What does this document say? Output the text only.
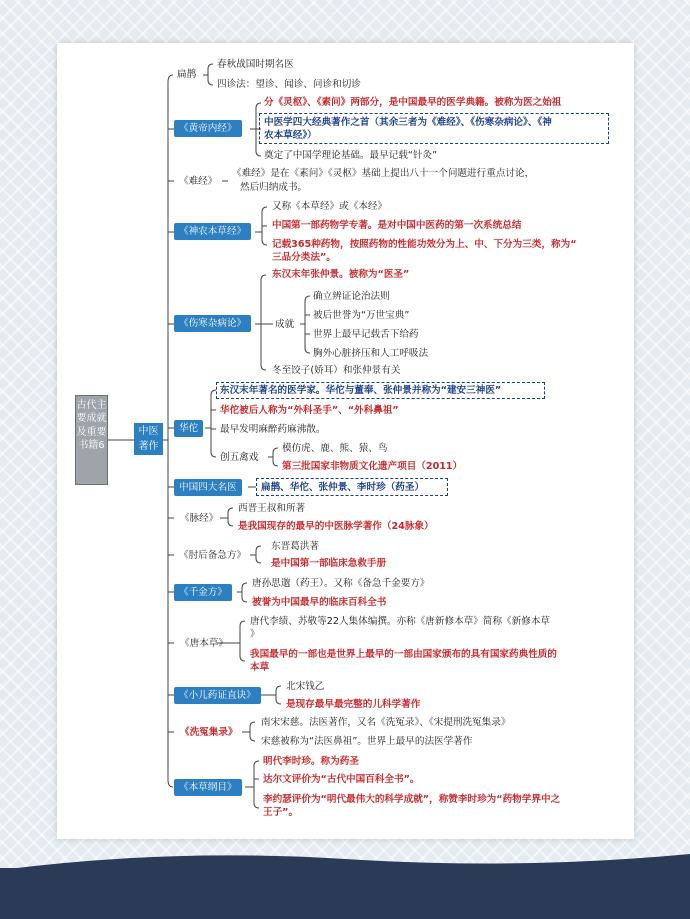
古代主要成就及重要书籍6
中医著作
扁鹊
春秋战国时期名医
四诊法：望诊、闻诊、问诊和切诊
《黄帝内经》
分《灵枢》、《素问》两部分，是中国最早的医学典籍。被称为医之始祖
中医学四大经典著作之首（其余三者为《难经》、《伤寒杂病论》、《神
农本草经》）
奠定了中国学理论基础。最早记载“针灸”
《难经》
《难经》是在《素问》《灵枢》基础上提出八十一个问题进行重点讨论，
然后归纳成书。
《神农本草经》
又称《本草经》或《本经》
中国第一部药物学专著。是对中国中医药的第一次系统总结
记载365种药物，按照药物的性能功效分为上、中、下分为三类，称为“
三品分类法”。
《伤寒杂病论》
东汉末年张仲景。被称为“医圣”
成就
确立辨证论治法则
被后世誉为“万世宝典”
世界上最早记载舌下给药
胸外心脏挤压和人工呼吸法
冬至饺子(娇耳）和张仲景有关
华佗
东汉末年著名的医学家。华佗与董奉、张仲景并称为“建安三神医”
华佗被后人称为“外科圣手”、“外科鼻祖”
最早发明麻醉药麻沸散。
创五禽戏
模仿虎、鹿、熊、猿、鸟
第三批国家非物质文化遗产项目（2011）
中国四大名医	扁鹊、华佗、张仲景、李时珍（药圣）
《脉经》
西晋王叔和所著
是我国现存的最早的中医脉学著作（24脉象）
《肘后备急方》
东晋葛洪著
是中国第一部临床急救手册
《千金方》
唐孙思邈（药王）。又称《备急千金要方》
被誉为中国最早的临床百科全书
《唐本草》
唐代李绩、苏敬等22人集体编撰。亦称《唐新修本草》简称《新修本草
》
我国最早的一部也是世界上最早的一部由国家颁布的具有国家药典性质的
本草
《小儿药证直诀》
北宋钱乙
是现存最早最完整的儿科学著作
《洗冤集录》
南宋宋慈。法医著作，又名《洗冤录》、《宋提刑洗冤集录》
宋慈被称为“法医鼻祖”。世界上最早的法医学著作
《本草纲目》
明代李时珍。称为药圣
达尔文评价为“古代中国百科全书”。
李约瑟评价为“明代最伟大的科学成就”，称赞李时珍为“药物学界中之
王子”。
